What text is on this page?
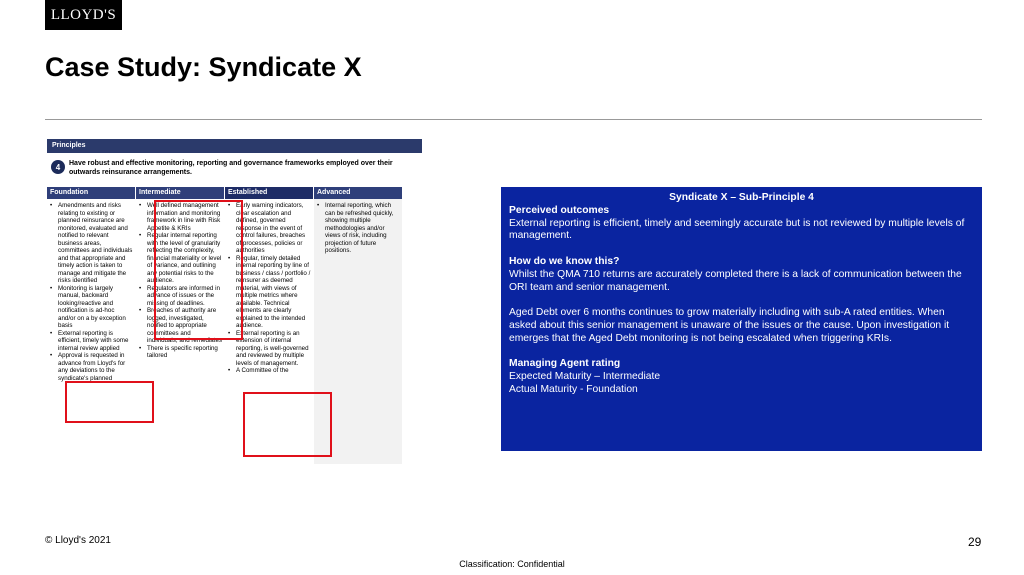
LLOYD'S
Case Study: Syndicate X
Principles
4	Have robust and effective monitoring, reporting and governance frameworks employed over their outwards reinsurance arrangements.
Foundation
• Amendments and risks relating to existing or planned reinsurance are monitored, evaluated and notified to relevant business areas, committees and individuals and that appropriate and timely action is taken to manage and mitigate the risks identified
• Monitoring is largely manual, backward looking/reactive and notification is ad-hoc and/or on a by exception basis
• External reporting is efficient, timely with some internal review applied
• Approval is requested in advance from Lloyd's for any deviations to the syndicate's planned
Intermediate
• Well defined management information and monitoring framework in line with Risk Appetite & KRIs
• Regular internal reporting with the level of granularity reflecting the complexity, financial materiality or level of variance, and outlining any potential risks to the audience.
• Regulators are informed in advance of issues or the missing of deadlines.
• Breaches of authority are logged, investigated, notified to appropriate committees and individuals, and remediates
• There is specific reporting tailored
Established
• Early warning indicators, clear escalation and defined, governed response in the event of control failures, breaches of processes, policies or authorities
• Regular, timely detailed internal reporting by line of business / class / portfolio / reinsurer as deemed material, with views of multiple metrics where available. Technical elements are clearly explained to the intended audience.
• External reporting is an extension of internal reporting, is well-governed and reviewed by multiple levels of management.
• A Committee of the
Advanced
• Internal reporting, which can be refreshed quickly, showing multiple methodologies and/or views of risk, including projection of future positions.
Syndicate X – Sub-Principle 4
Perceived outcomes
External reporting is efficient, timely and seemingly accurate but is not reviewed by multiple levels of management.
How do we know this?
Whilst the QMA 710 returns are accurately completed there is a lack of communication between the ORI team and senior management.
Aged Debt over 6 months continues to grow materially including with sub-A rated entities. When asked about this senior management is unaware of the issues or the cause. Upon investigation it emerges that the Aged Debt monitoring is not being escalated when triggering KRIs.
Managing Agent rating
Expected Maturity – Intermediate
Actual Maturity - Foundation
© Lloyd's 2021	29
Classification: Confidential
